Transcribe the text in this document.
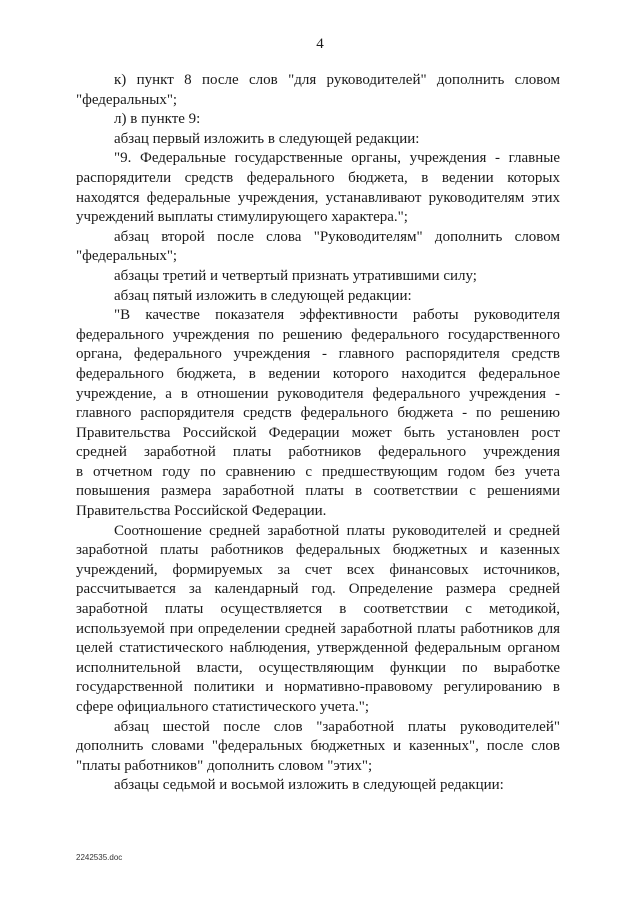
4
к) пункт 8 после слов "для руководителей" дополнить словом
"федеральных";
л) в пункте 9:
абзац первый изложить в следующей редакции:
"9. Федеральные государственные органы, учреждения - главные
распорядители средств федерального бюджета, в ведении которых
находятся федеральные учреждения, устанавливают руководителям этих
учреждений выплаты стимулирующего характера.";
абзац второй после слова "Руководителям" дополнить словом
"федеральных";
абзацы третий и четвертый признать утратившими силу;
абзац пятый изложить в следующей редакции:
"В качестве показателя эффективности работы руководителя
федерального учреждения по решению федерального государственного
органа, федерального учреждения - главного распорядителя средств
федерального бюджета, в ведении которого находится федеральное
учреждение, а в отношении руководителя федерального учреждения -
главного распорядителя средств федерального бюджета - по решению
Правительства Российской Федерации может быть установлен рост
средней заработной платы работников федерального учреждения
в отчетном году по сравнению с предшествующим годом без учета
повышения размера заработной платы в соответствии с решениями
Правительства Российской Федерации.
Соотношение средней заработной платы руководителей и средней
заработной платы работников федеральных бюджетных и казенных
учреждений, формируемых за счет всех финансовых источников,
рассчитывается за календарный год. Определение размера средней
заработной платы осуществляется в соответствии с методикой,
используемой при определении средней заработной платы работников для
целей статистического наблюдения, утвержденной федеральным органом
исполнительной власти, осуществляющим функции по выработке
государственной политики и нормативно-правовому регулированию в
сфере официального статистического учета.";
абзац шестой после слов "заработной платы руководителей"
дополнить словами "федеральных бюджетных и казенных", после слов
"платы работников" дополнить словом "этих";
абзацы седьмой и восьмой изложить в следующей редакции:
2242535.doc
